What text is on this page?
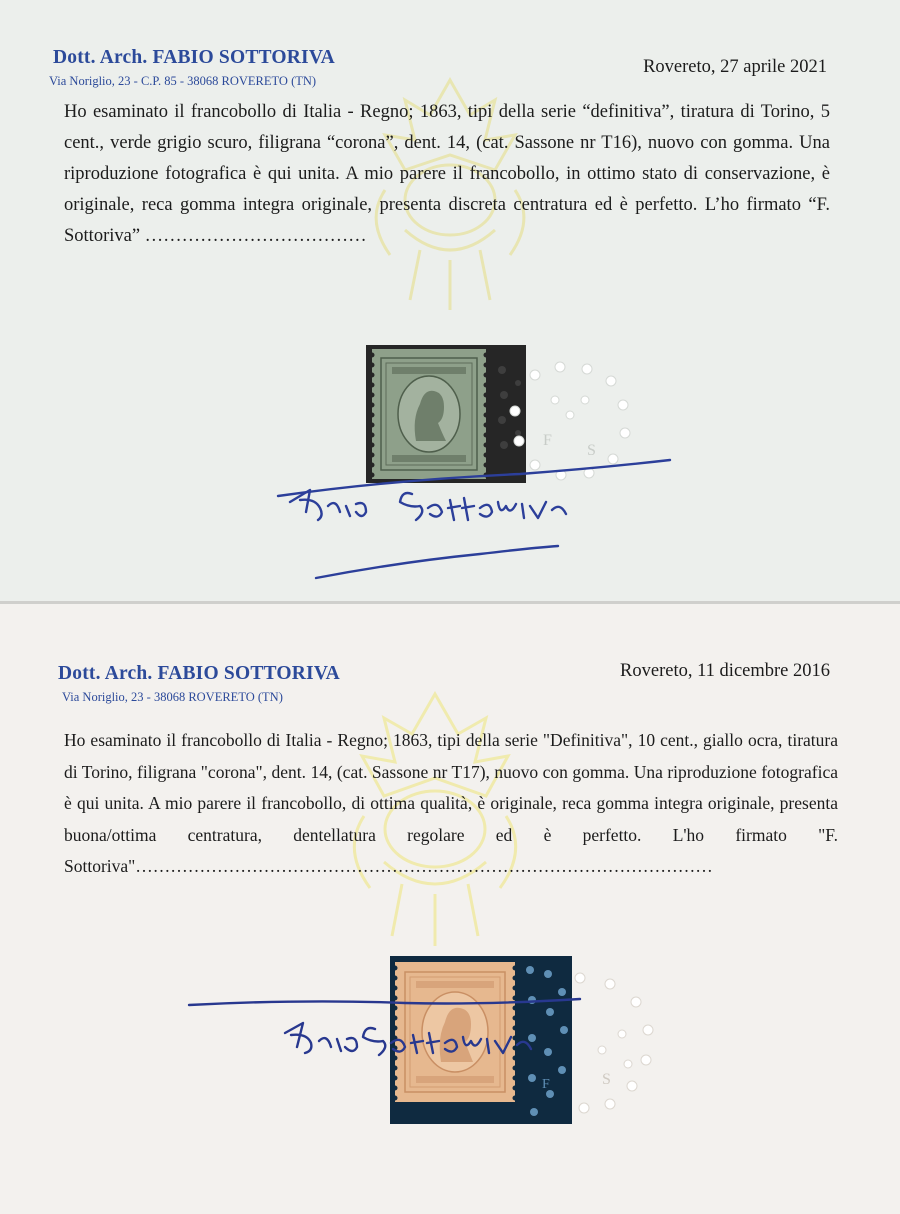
Dott. Arch. FABIO SOTTORIVA
Via Noriglio, 23 - C.P. 85 - 38068 ROVERETO (TN)
Rovereto, 27 aprile 2021
Ho esaminato il francobollo di Italia - Regno; 1863, tipi della serie “definitiva”, tiratura di Torino, 5 cent., verde grigio scuro, filigrana “corona”, dent. 14, (cat. Sassone nr T16), nuovo con gomma. Una riproduzione fotografica è qui unita. A mio parere il francobollo, in ottimo stato di conservazione, è originale, reca gomma integra originale, presenta discreta centratura ed è perfetto. L’ho firmato “F. Sottoriva” ………………………………
F
S
Dott. Arch. FABIO SOTTORIVA
Via Noriglio, 23 - 38068 ROVERETO (TN)
Rovereto, 11 dicembre 2016
Ho esaminato il francobollo di Italia - Regno; 1863, tipi della serie "Definitiva", 10 cent., giallo ocra, tiratura di Torino, filigrana "corona", dent. 14, (cat. Sassone nr T17), nuovo con gomma. Una riproduzione fotografica è qui unita. A mio parere il francobollo, di ottima qualità, è originale, reca gomma integra originale, presenta buona/ottima centratura, dentellatura regolare ed è perfetto. L'ho firmato "F. Sottoriva"………………………………………………………………………………………
F	S
